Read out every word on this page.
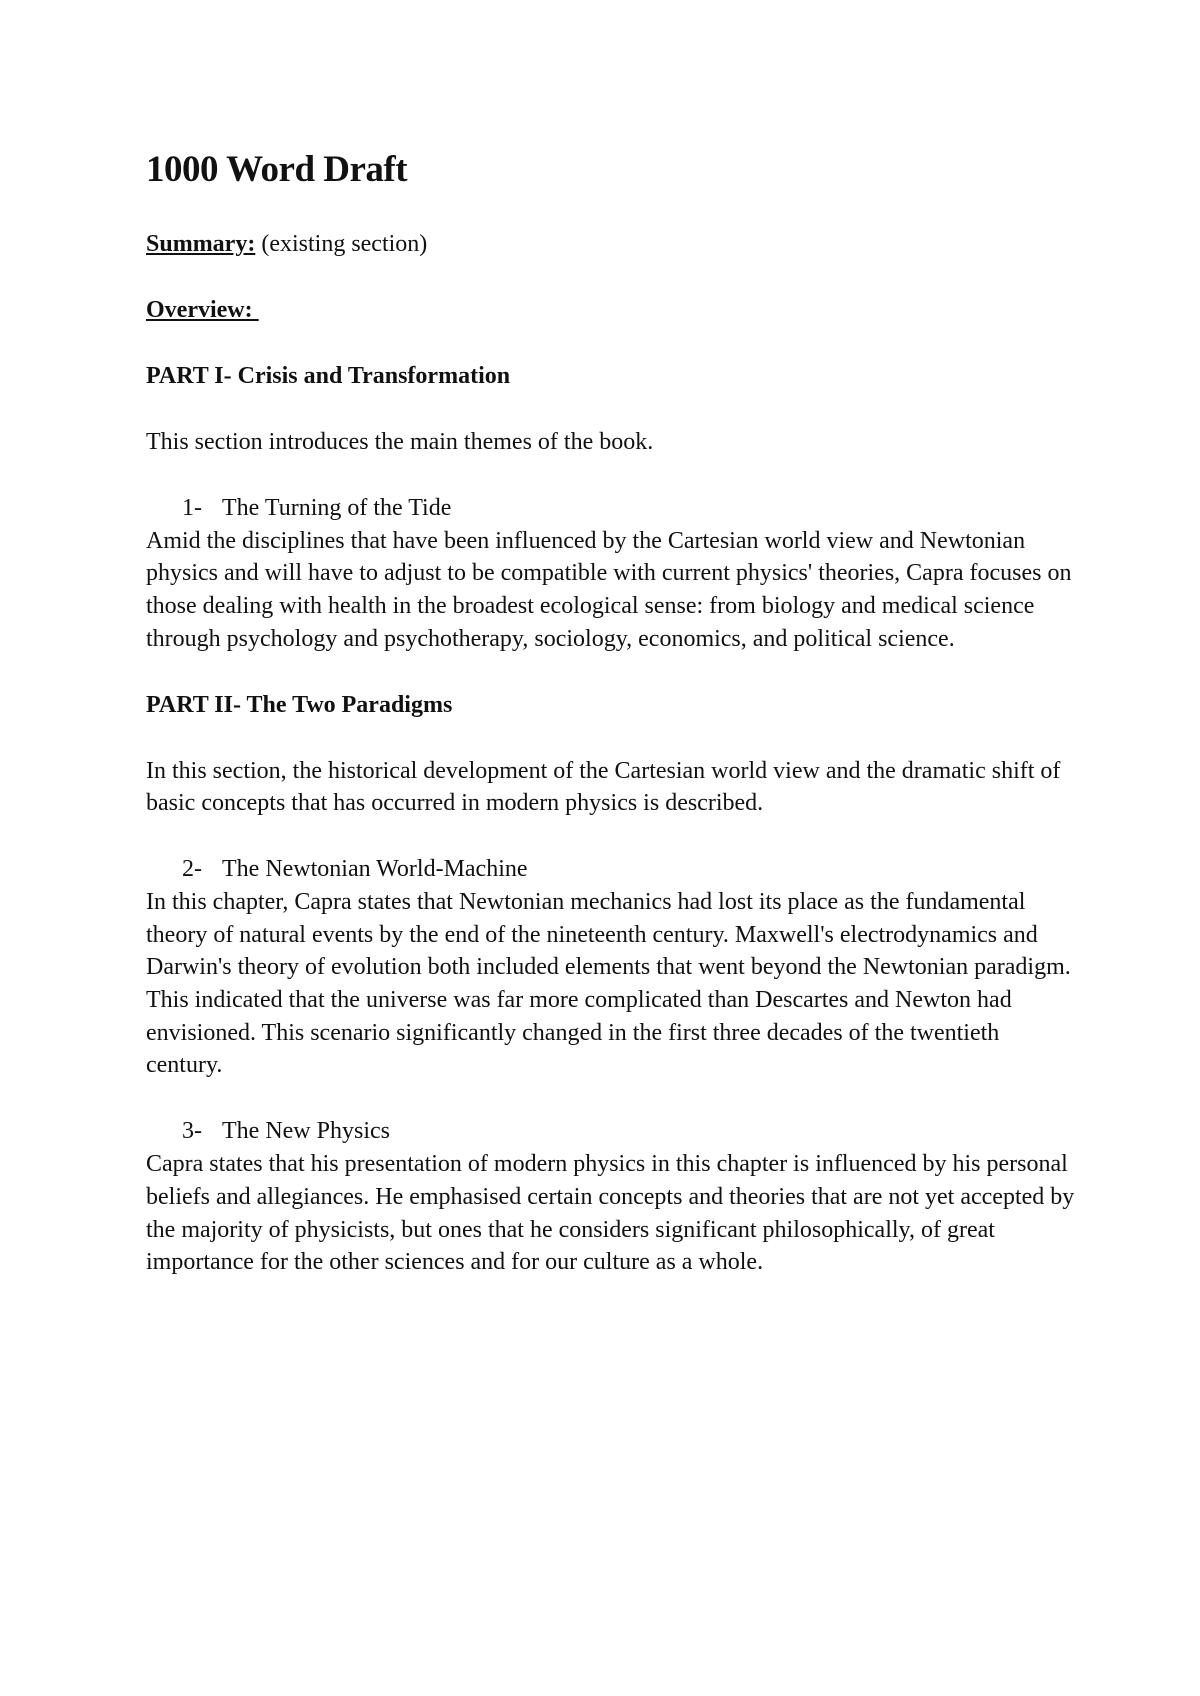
1000 Word Draft
Summary: (existing section)
Overview:
PART I- Crisis and Transformation
This section introduces the main themes of the book.
1- The Turning of the Tide
Amid the disciplines that have been influenced by the Cartesian world view and Newtonian physics and will have to adjust to be compatible with current physics' theories, Capra focuses on those dealing with health in the broadest ecological sense: from biology and medical science through psychology and psychotherapy, sociology, economics, and political science.
PART II- The Two Paradigms
In this section, the historical development of the Cartesian world view and the dramatic shift of basic concepts that has occurred in modern physics is described.
2- The Newtonian World-Machine
In this chapter, Capra states that Newtonian mechanics had lost its place as the fundamental theory of natural events by the end of the nineteenth century. Maxwell's electrodynamics and Darwin's theory of evolution both included elements that went beyond the Newtonian paradigm. This indicated that the universe was far more complicated than Descartes and Newton had envisioned. This scenario significantly changed in the first three decades of the twentieth century.
3- The New Physics
Capra states that his presentation of modern physics in this chapter is influenced by his personal beliefs and allegiances. He emphasised certain concepts and theories that are not yet accepted by the majority of physicists, but ones that he considers significant philosophically, of great importance for the other sciences and for our culture as a whole.
